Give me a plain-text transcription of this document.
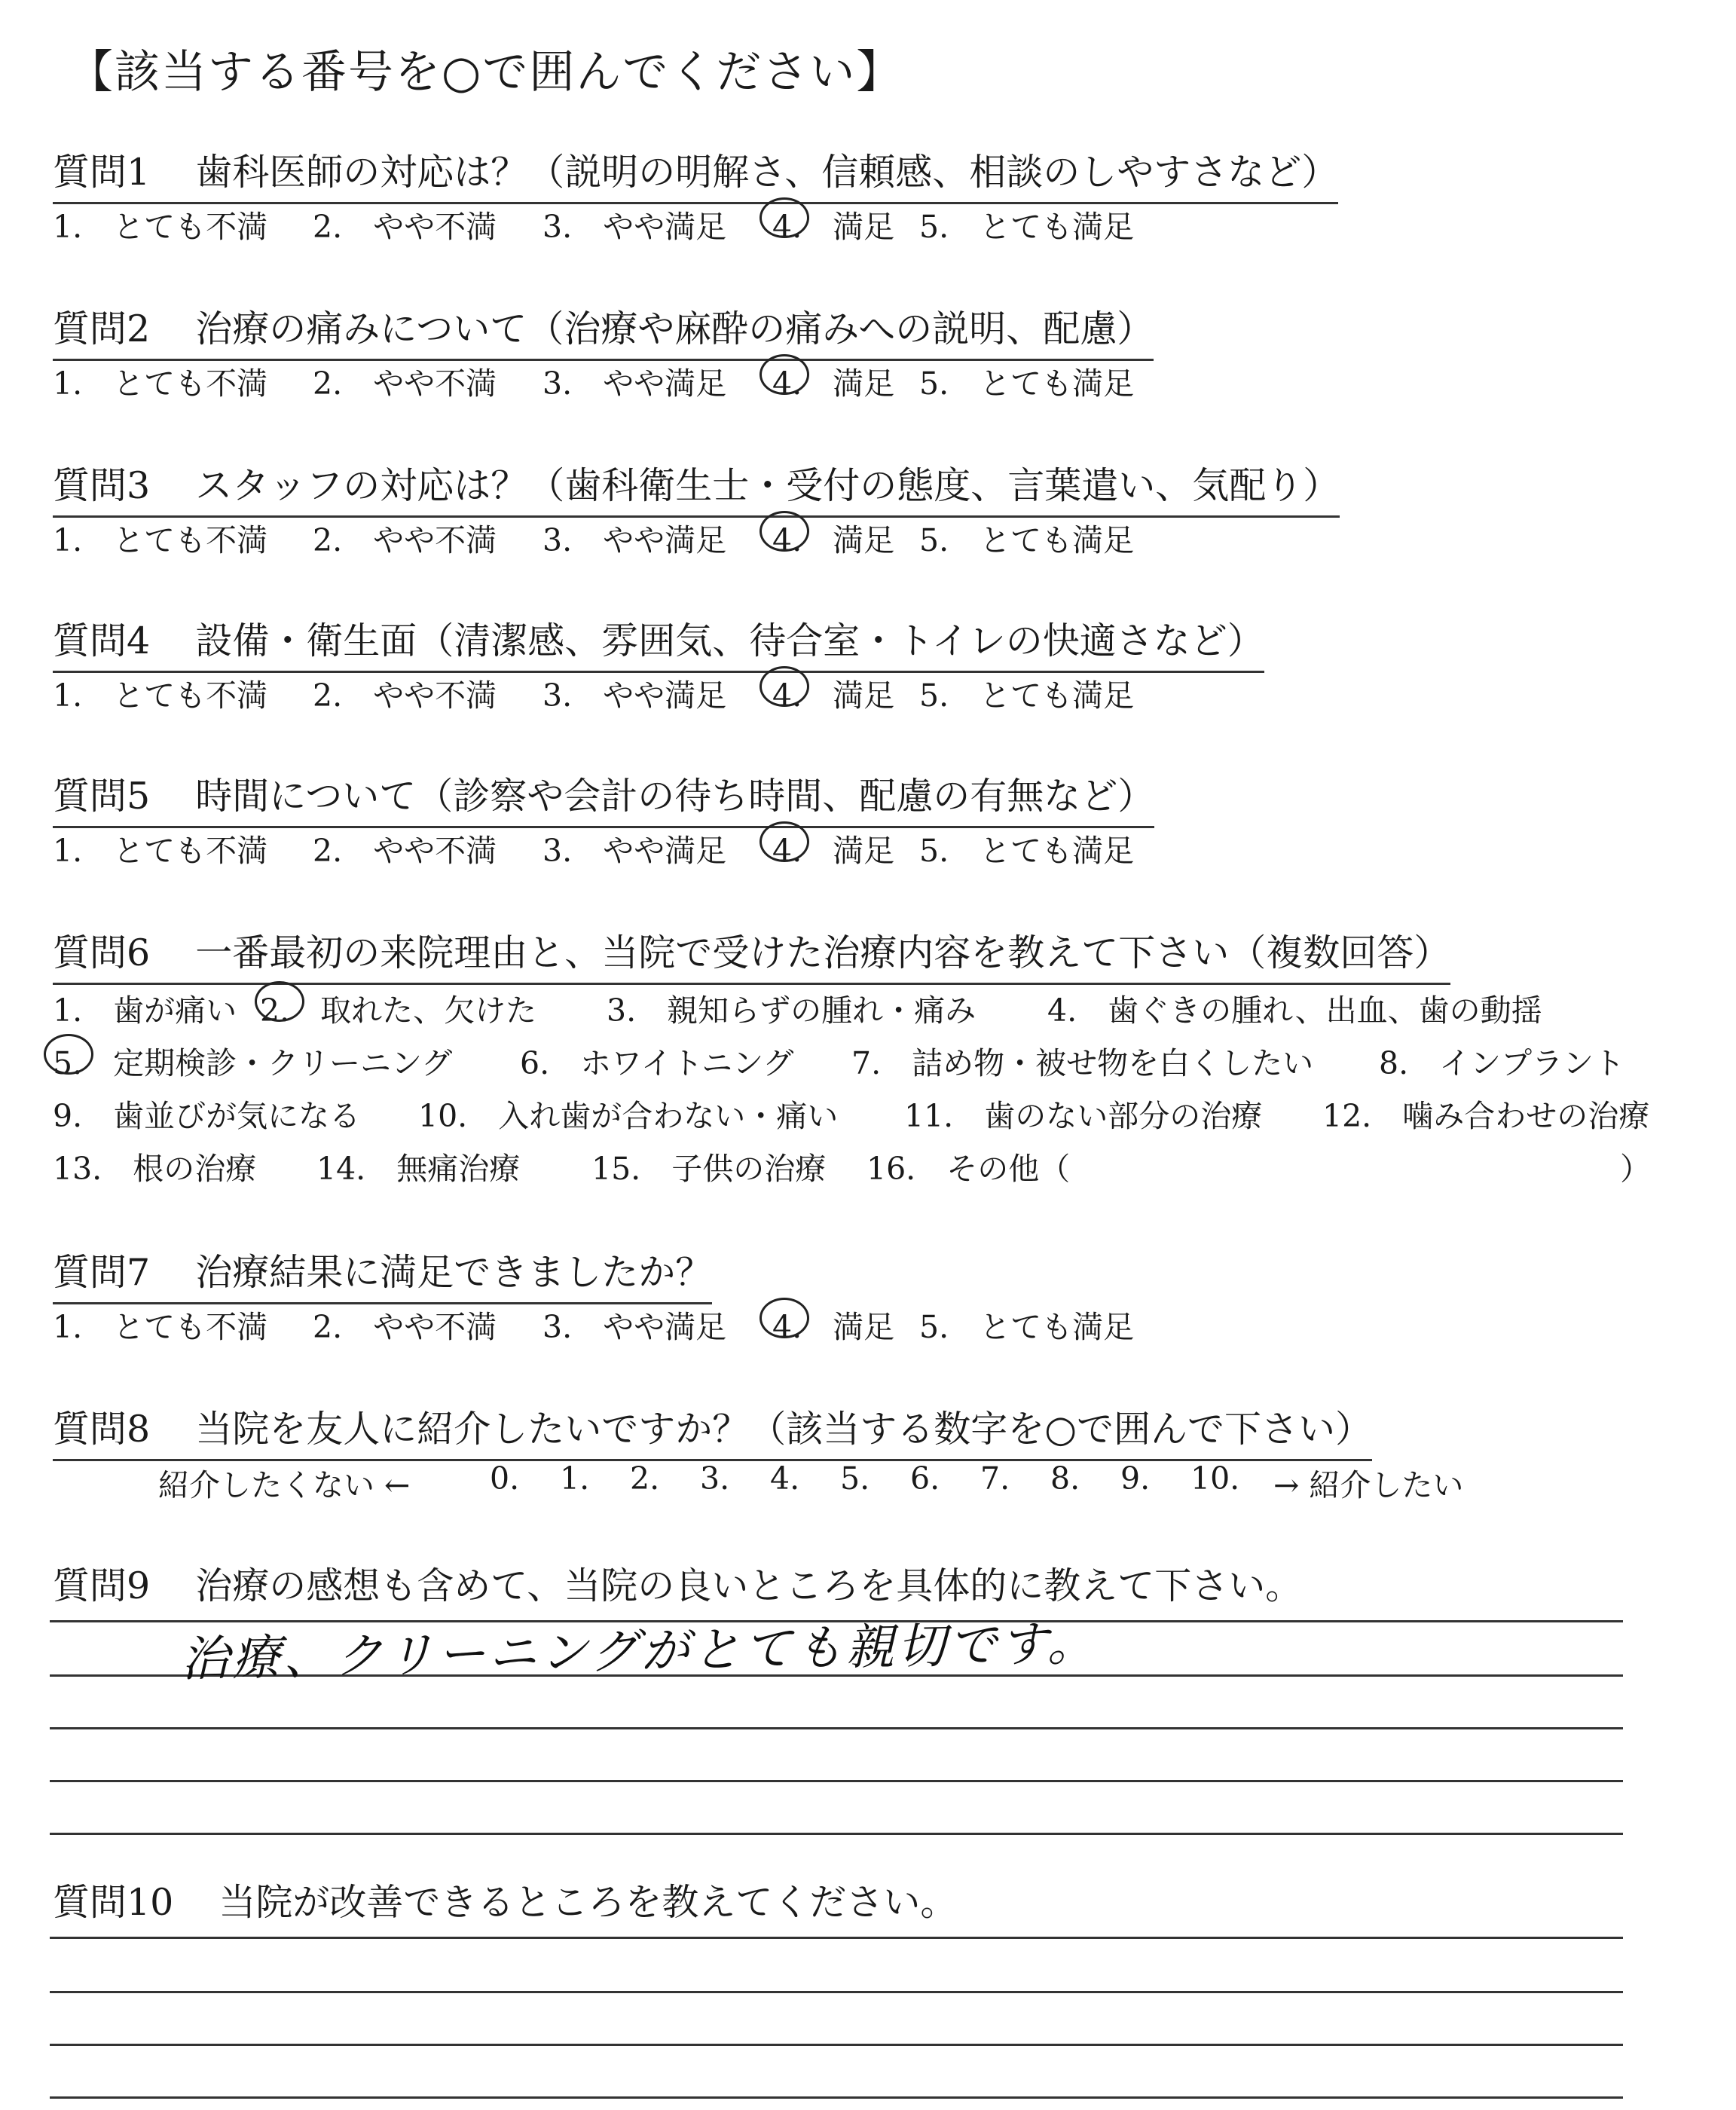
【該当する番号を○で囲んでください】
質問1 歯科医師の対応は？（説明の明解さ、信頼感、相談のしやすさなど）
1.　とても不満 2.　やや不満 3.　やや満足 4.　満足 5.　とても満足
質問2 治療の痛みについて（治療や麻酔の痛みへの説明、配慮）
1.　とても不満 2.　やや不満 3.　やや満足 4.　満足 5.　とても満足
質問3 スタッフの対応は？（歯科衛生士・受付の態度、言葉遣い、気配り）
1.　とても不満 2.　やや不満 3.　やや満足 4.　満足 5.　とても満足
質問4 設備・衛生面（清潔感、雰囲気、待合室・トイレの快適さなど）
1.　とても不満 2.　やや不満 3.　やや満足 4.　満足 5.　とても満足
質問5 時間について（診察や会計の待ち時間、配慮の有無など）
1.　とても不満 2.　やや不満 3.　やや満足 4.　満足 5.　とても満足
質問6 一番最初の来院理由と、当院で受けた治療内容を教えて下さい（複数回答）
1.　歯が痛い 2.　取れた、欠けた 3.　親知らずの腫れ・痛み 4.　歯ぐきの腫れ、出血、歯の動揺
5.　定期検診・クリーニング 6.　ホワイトニング 7.　詰め物・被せ物を白くしたい 8.　インプラント
9.　歯並びが気になる 10.　入れ歯が合わない・痛い 11.　歯のない部分の治療 12.　噛み合わせの治療
13.　根の治療 14.　無痛治療 15.　子供の治療 16.　その他（	）
質問7 治療結果に満足できましたか？
1.　とても不満 2.　やや不満 3.　やや満足 4.　満足 5.　とても満足
質問8 当院を友人に紹介したいですか？（該当する数字を○で囲んで下さい）
紹介したくない ←	0. 1. 2. 3. 4. 5. 6. 7. 8. 9. 10. → 紹介したい
質問9 治療の感想も含めて、当院の良いところを具体的に教えて下さい。
治療、クリーニングがとても親切です。
質問10 当院が改善できるところを教えてください。
